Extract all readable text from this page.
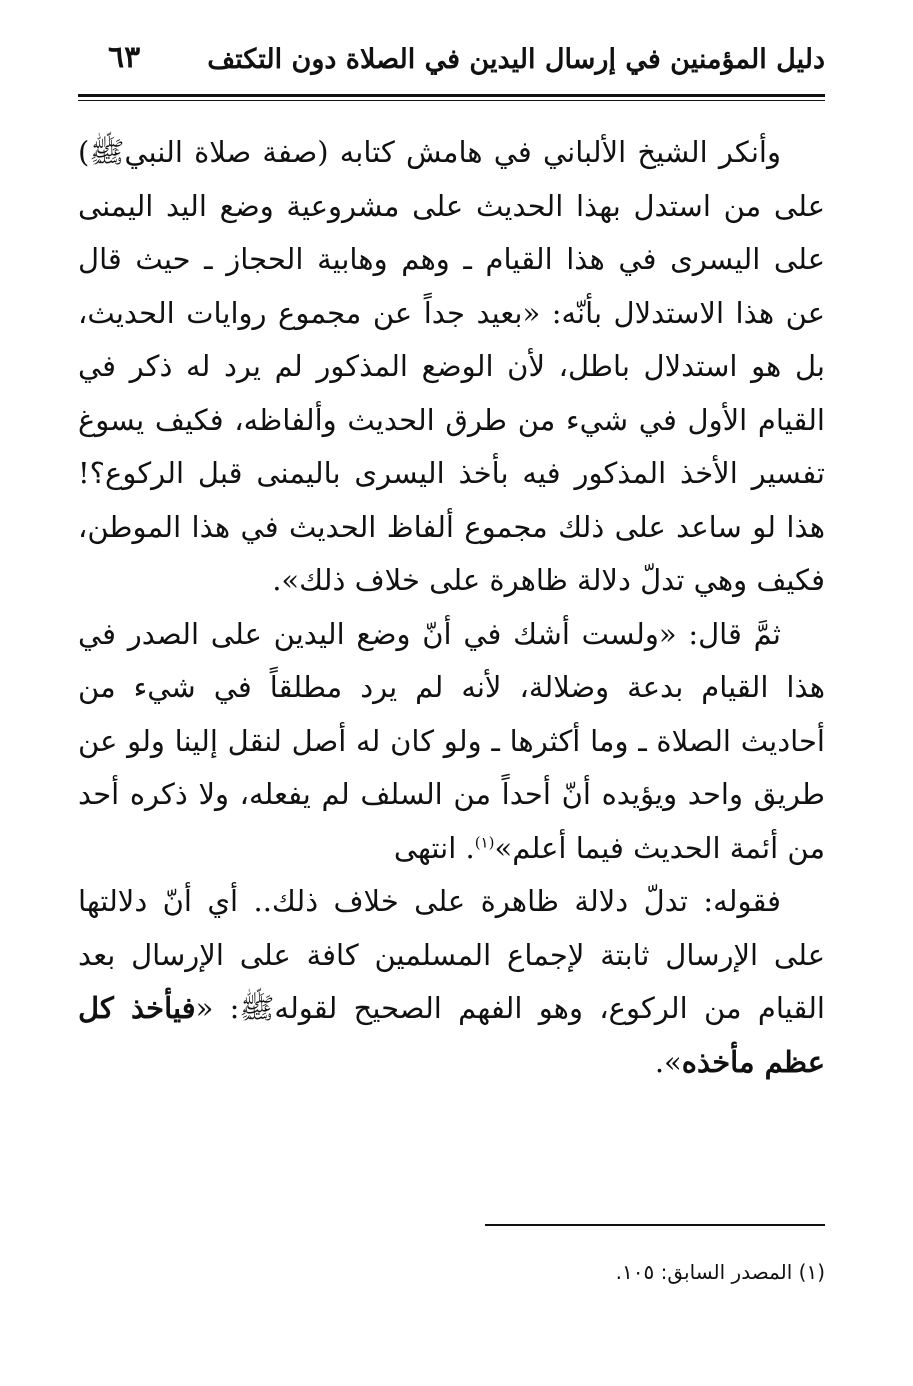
دليل المؤمنين في إرسال اليدين في الصلاة دون التكتف
٦٣

وأنكر الشيخ الألباني في هامش كتابه (صفة صلاة النبيﷺ) على من استدل بهذا الحديث على مشروعية وضع اليد اليمنى على اليسرى في هذا القيام ـ وهم وهابية الحجاز ـ حيث قال عن هذا الاستدلال بأنّه: «بعيد جداً عن مجموع روايات الحديث، بل هو استدلال باطل، لأن الوضع المذكور لم يرد له ذكر في القيام الأول في شيء من طرق الحديث وألفاظه، فكيف يسوغ تفسير الأخذ المذكور فيه بأخذ اليسرى باليمنى قبل الركوع؟! هذا لو ساعد على ذلك مجموع ألفاظ الحديث في هذا الموطن، فكيف وهي تدلّ دلالة ظاهرة على خلاف ذلك».

ثمَّ قال: «ولست أشك في أنّ وضع اليدين على الصدر في هذا القيام بدعة وضلالة، لأنه لم يرد مطلقاً في شيء من أحاديث الصلاة ـ وما أكثرها ـ ولو كان له أصل لنقل إلينا ولو عن طريق واحد ويؤيده أنّ أحداً من السلف لم يفعله، ولا ذكره أحد من أئمة الحديث فيما أعلم»$^{(١)}$. انتهى

فقوله: تدلّ دلالة ظاهرة على خلاف ذلك.. أي أنّ دلالتها على الإرسال ثابتة لإجماع المسلمين كافة على الإرسال بعد القيام من الركوع، وهو الفهم الصحيح لقولهﷺ: «فيأخذ كل عظم مأخذه».

(١) المصدر السابق: ١٠٥.
